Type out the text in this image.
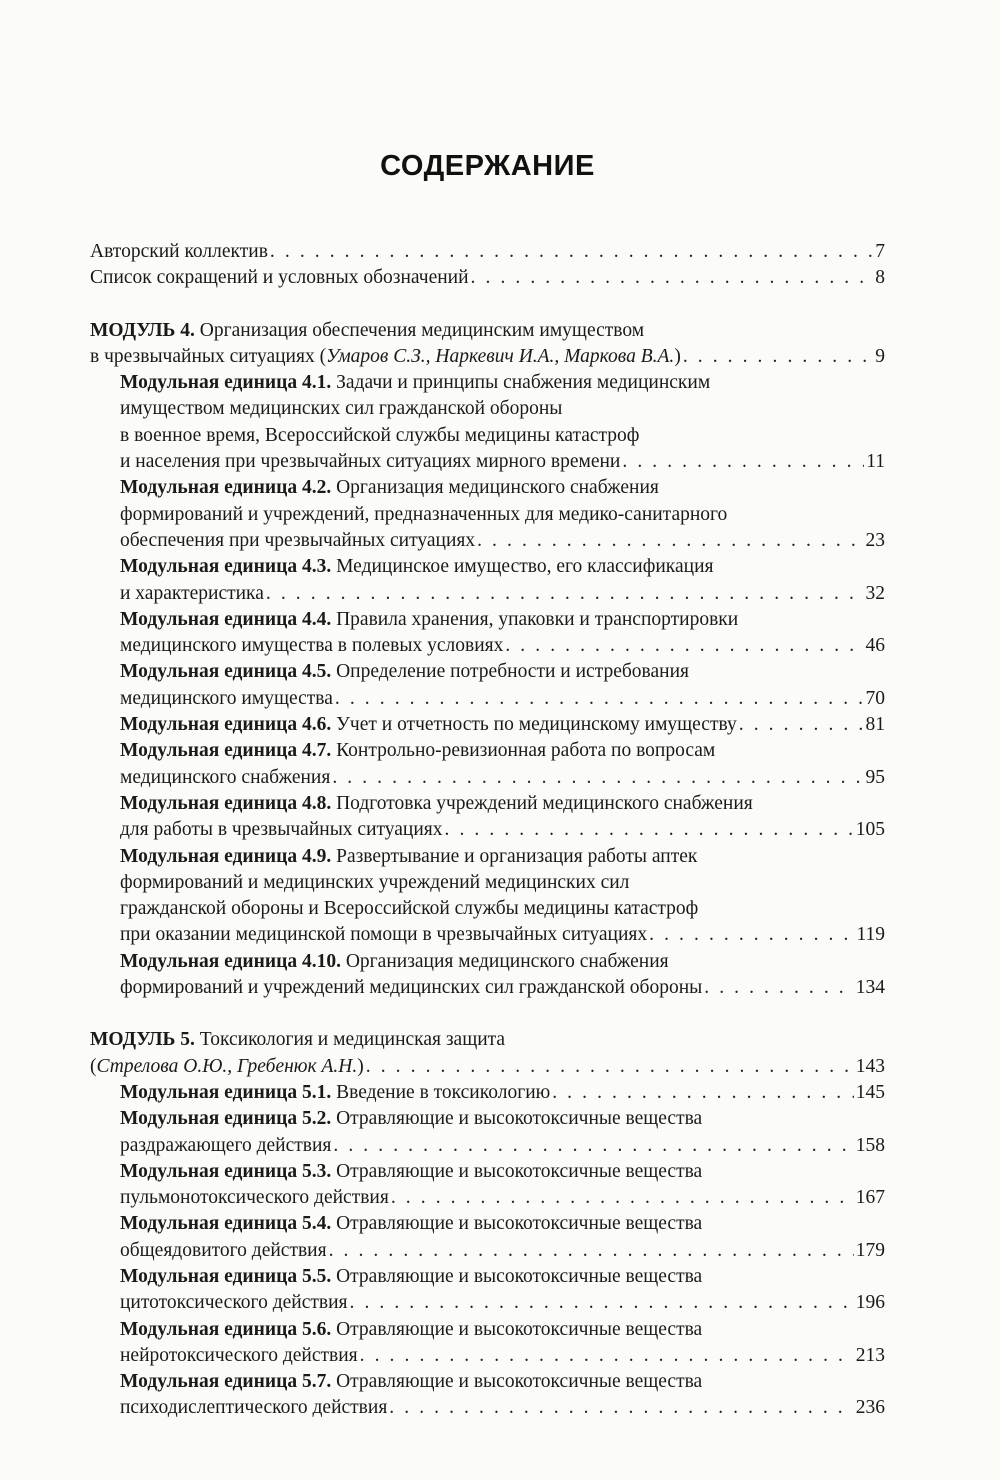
СОДЕРЖАНИЕ
Авторский коллектив . . .	7
Список сокращений и условных обозначений . . .	8
МОДУЛЬ 4.
Организация обеспечения медицинским имуществом
в чрезвычайных ситуациях (Умаров С.З., Наркевич И.А., Маркова В.А.) . . .	9
Модульная единица 4.1.
Задачи и принципы снабжения медицинским
имуществом медицинских сил гражданской обороны
в военное время, Всероссийской службы медицины катастроф
и населения при чрезвычайных ситуациях мирного времени . . .	11
Модульная единица 4.2.
Организация медицинского снабжения
формирований и учреждений, предназначенных для медико-санитарного
обеспечения при чрезвычайных ситуациях . . .	23
Модульная единица 4.3.
Медицинское имущество, его классификация
и характеристика . . .	32
Модульная единица 4.4.
Правила хранения, упаковки и транспортировки
медицинского имущества в полевых условиях . . .	46
Модульная единица 4.5.
Определение потребности и истребования
медицинского имущества . . .	70
Модульная единица 4.6.
Учет и отчетность по медицинскому имуществу . . .	81
Модульная единица 4.7.
Контрольно-ревизионная работа по вопросам
медицинского снабжения . . .	95
Модульная единица 4.8.
Подготовка учреждений медицинского снабжения
для работы в чрезвычайных ситуациях . . .	105
Модульная единица 4.9.
Развертывание и организация работы аптек
формирований и медицинских учреждений медицинских сил
гражданской обороны и Всероссийской службы медицины катастроф
при оказании медицинской помощи в чрезвычайных ситуациях . . .	119
Модульная единица 4.10.
Организация медицинского снабжения
формирований и учреждений медицинских сил гражданской обороны . . .	134
МОДУЛЬ 5.
Токсикология и медицинская защита
(Стрелова О.Ю., Гребенюк А.Н.) . . .	143
Модульная единица 5.1.
Введение в токсикологию . . .	145
Модульная единица 5.2.
Отравляющие и высокотоксичные вещества
раздражающего действия . . .	158
Модульная единица 5.3.
Отравляющие и высокотоксичные вещества
пульмонотоксического действия . . .	167
Модульная единица 5.4.
Отравляющие и высокотоксичные вещества
общеядовитого действия . . .	179
Модульная единица 5.5.
Отравляющие и высокотоксичные вещества
цитотоксического действия . . .	196
Модульная единица 5.6.
Отравляющие и высокотоксичные вещества
нейротоксического действия . . .	213
Модульная единица 5.7.
Отравляющие и высокотоксичные вещества
психодислептического действия . . .	236
